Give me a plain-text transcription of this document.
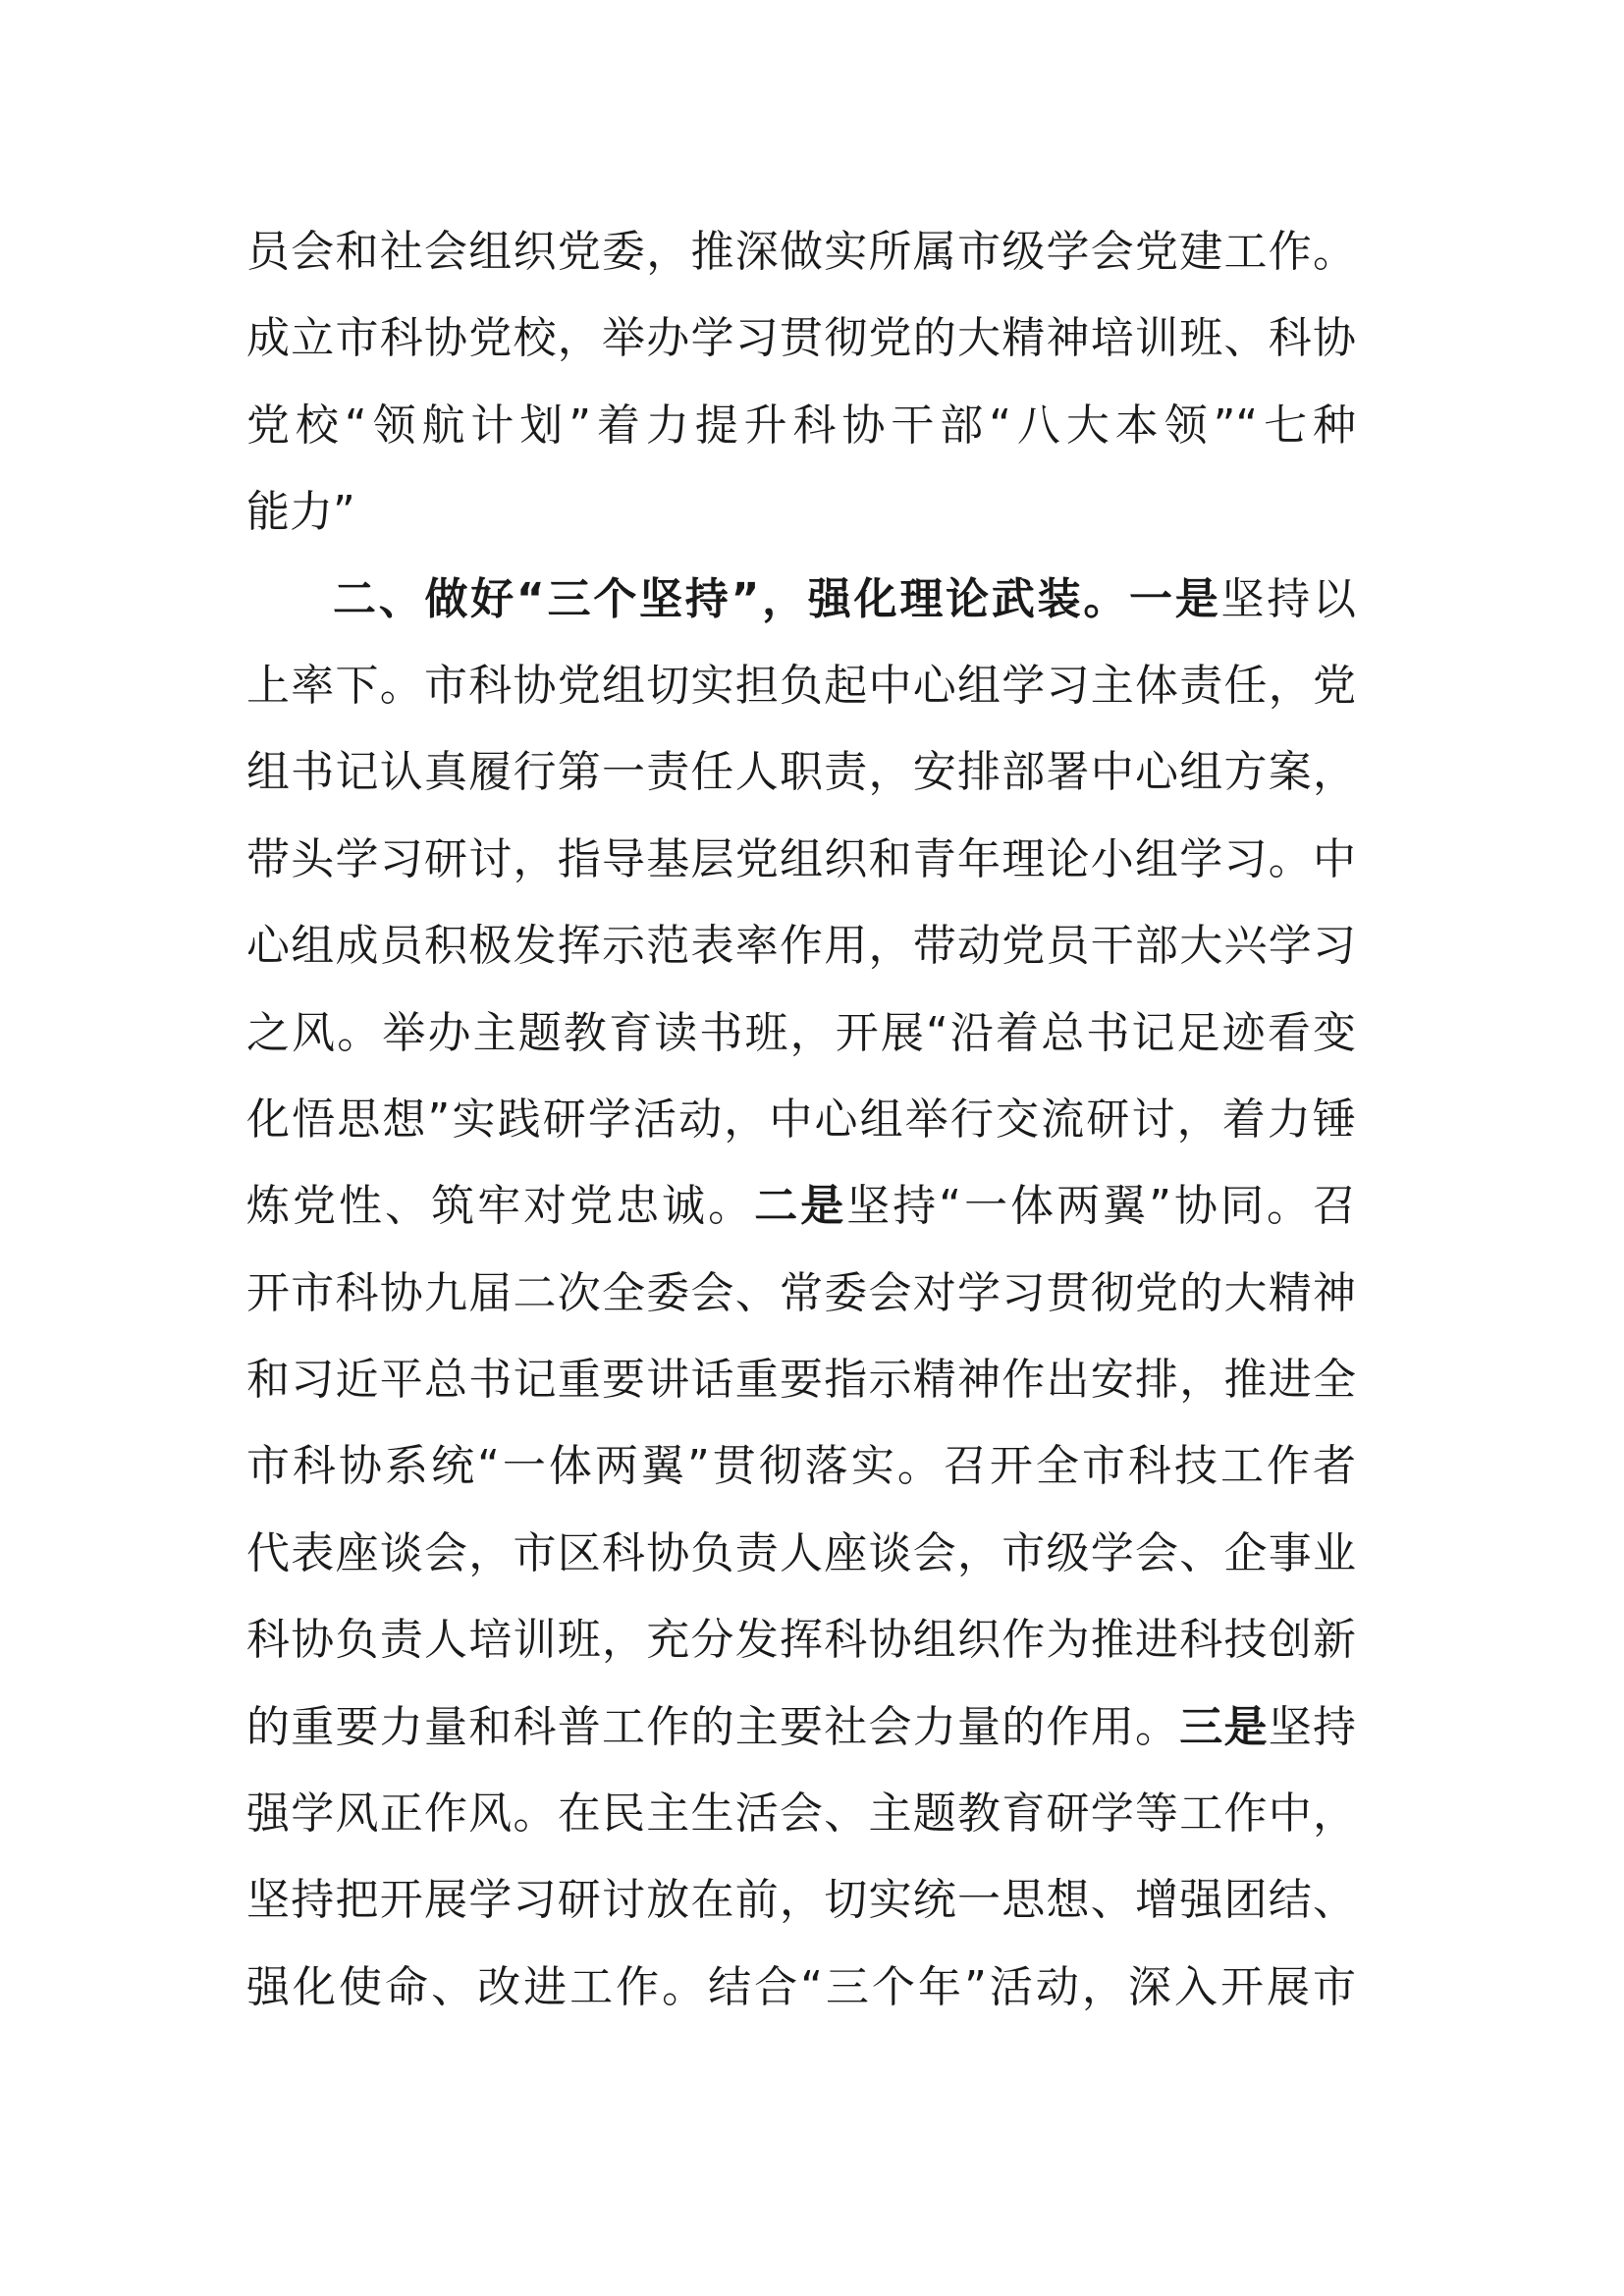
员会和社会组织党委，推深做实所属市级学会党建工作。
成立市科协党校，举办学习贯彻党的大精神培训班、科协
党校“领航计划”着力提升科协干部“八大本领”“七种
能力”
二、做好“三个坚持”，强化理论武装。一是坚持以
上率下。市科协党组切实担负起中心组学习主体责任，党
组书记认真履行第一责任人职责，安排部署中心组方案，
带头学习研讨，指导基层党组织和青年理论小组学习。中
心组成员积极发挥示范表率作用，带动党员干部大兴学习
之风。举办主题教育读书班，开展“沿着总书记足迹看变
化悟思想”实践研学活动，中心组举行交流研讨，着力锤
炼党性、筑牢对党忠诚。二是坚持“一体两翼”协同。召
开市科协九届二次全委会、常委会对学习贯彻党的大精神
和习近平总书记重要讲话重要指示精神作出安排，推进全
市科协系统“一体两翼”贯彻落实。召开全市科技工作者
代表座谈会，市区科协负责人座谈会，市级学会、企事业
科协负责人培训班，充分发挥科协组织作为推进科技创新
的重要力量和科普工作的主要社会力量的作用。三是坚持
强学风正作风。在民主生活会、主题教育研学等工作中，
坚持把开展学习研讨放在前，切实统一思想、增强团结、
强化使命、改进工作。结合“三个年”活动，深入开展市
